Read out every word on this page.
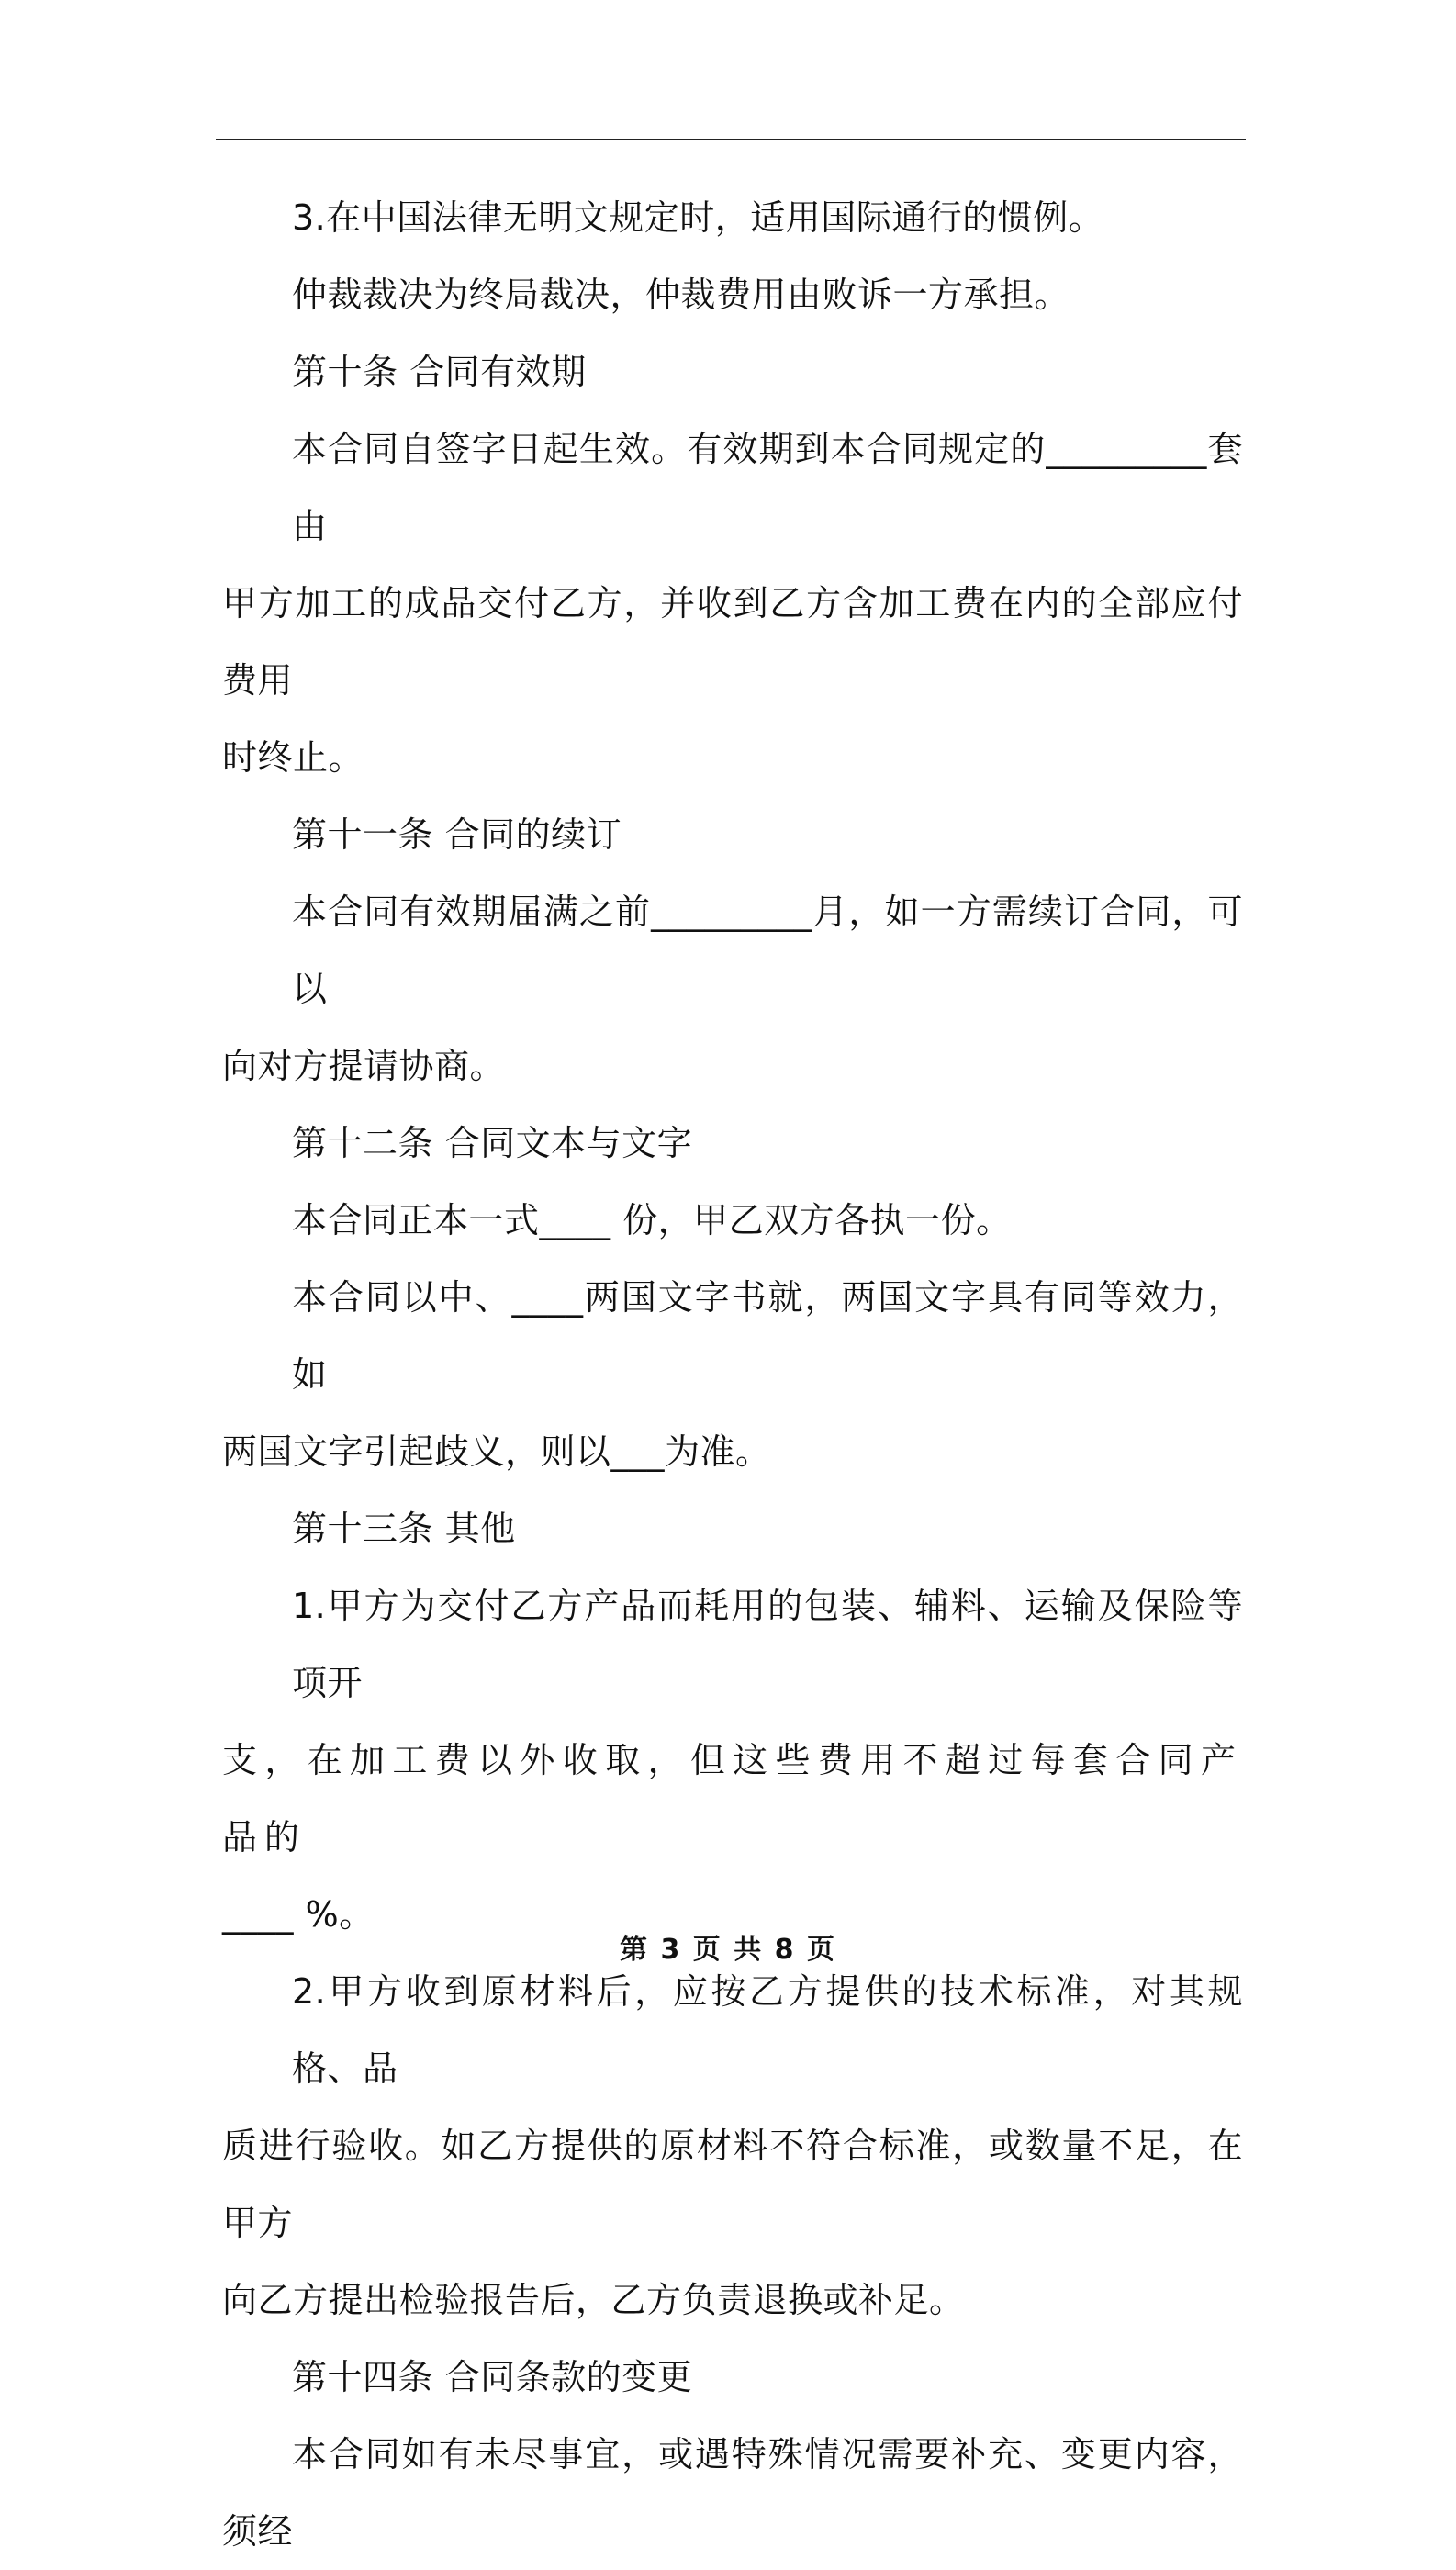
3.在中国法律无明文规定时，适用国际通行的惯例。

仲裁裁决为终局裁决，仲裁费用由败诉一方承担。

第十条 合同有效期

本合同自签字日起生效。有效期到本合同规定的_________套由
甲方加工的成品交付乙方，并收到乙方含加工费在内的全部应付费用
时终止。

第十一条 合同的续订

本合同有效期届满之前_________月，如一方需续订合同，可以
向对方提请协商。

第十二条 合同文本与文字

本合同正本一式____ 份，甲乙双方各执一份。

本合同以中、____两国文字书就，两国文字具有同等效力，如
两国文字引起歧义，则以___为准。

第十三条 其他

1.甲方为交付乙方产品而耗用的包装、辅料、运输及保险等项开
支，在加工费以外收取，但这些费用不超过每套合同产品的
____ %。

2.甲方收到原材料后，应按乙方提供的技术标准，对其规格、品
质进行验收。如乙方提供的原材料不符合标准，或数量不足，在甲方
向乙方提出检验报告后，乙方负责退换或补足。

第十四条 合同条款的变更

本合同如有未尽事宜，或遇特殊情况需要补充、变更内容，须经

第 3 页 共 8 页
